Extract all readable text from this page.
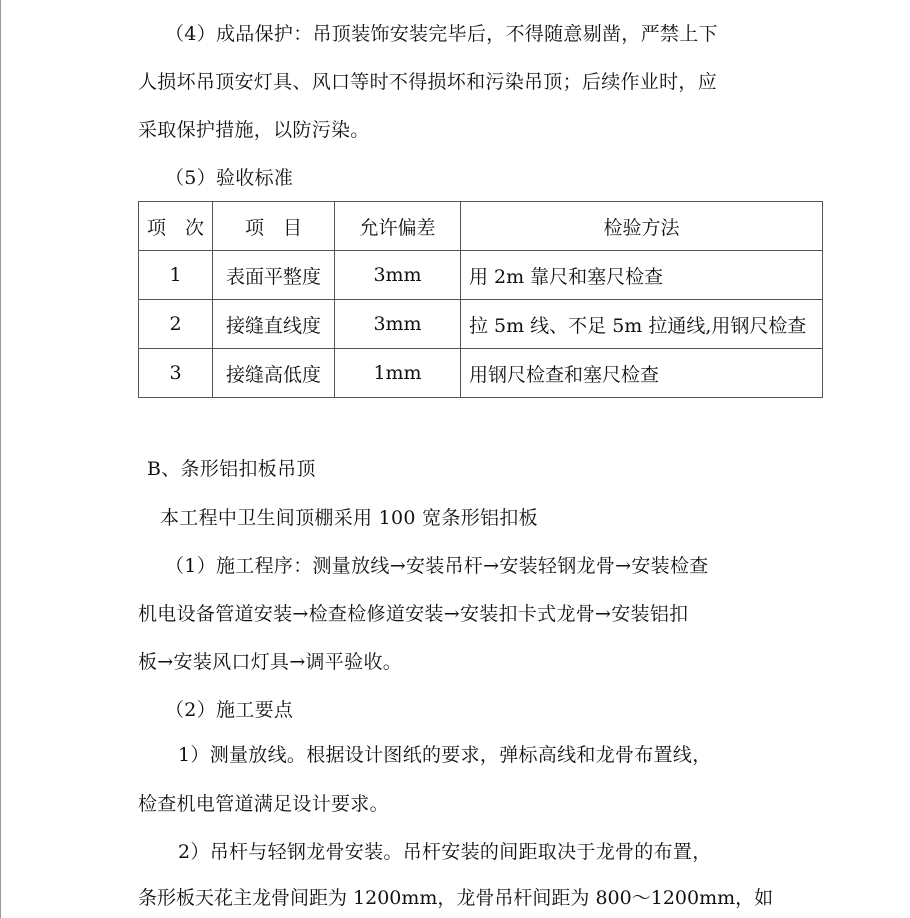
（4）成品保护：吊顶装饰安装完毕后，不得随意剔凿，严禁上下
人损坏吊顶安灯具、风口等时不得损坏和污染吊顶；后续作业时，应
采取保护措施，以防污染。
（5）验收标准
项　次	项　目	允许偏差	检验方法
1	表面平整度	3mm	用 2m 靠尺和塞尺检查
2	接缝直线度	3mm	拉 5m 线、不足 5m 拉通线,用钢尺检查
3	接缝高低度	1mm	用钢尺检查和塞尺检查
B、条形铝扣板吊顶
本工程中卫生间顶棚采用 100 宽条形铝扣板
（1）施工程序：测量放线→安装吊杆→安装轻钢龙骨→安装检查
机电设备管道安装→检查检修道安装→安装扣卡式龙骨→安装铝扣
板→安装风口灯具→调平验收。
（2）施工要点
1）测量放线。根据设计图纸的要求，弹标高线和龙骨布置线，
检查机电管道满足设计要求。
2）吊杆与轻钢龙骨安装。吊杆安装的间距取决于龙骨的布置，
条形板天花主龙骨间距为 1200mm，龙骨吊杆间距为 800～1200mm，如
